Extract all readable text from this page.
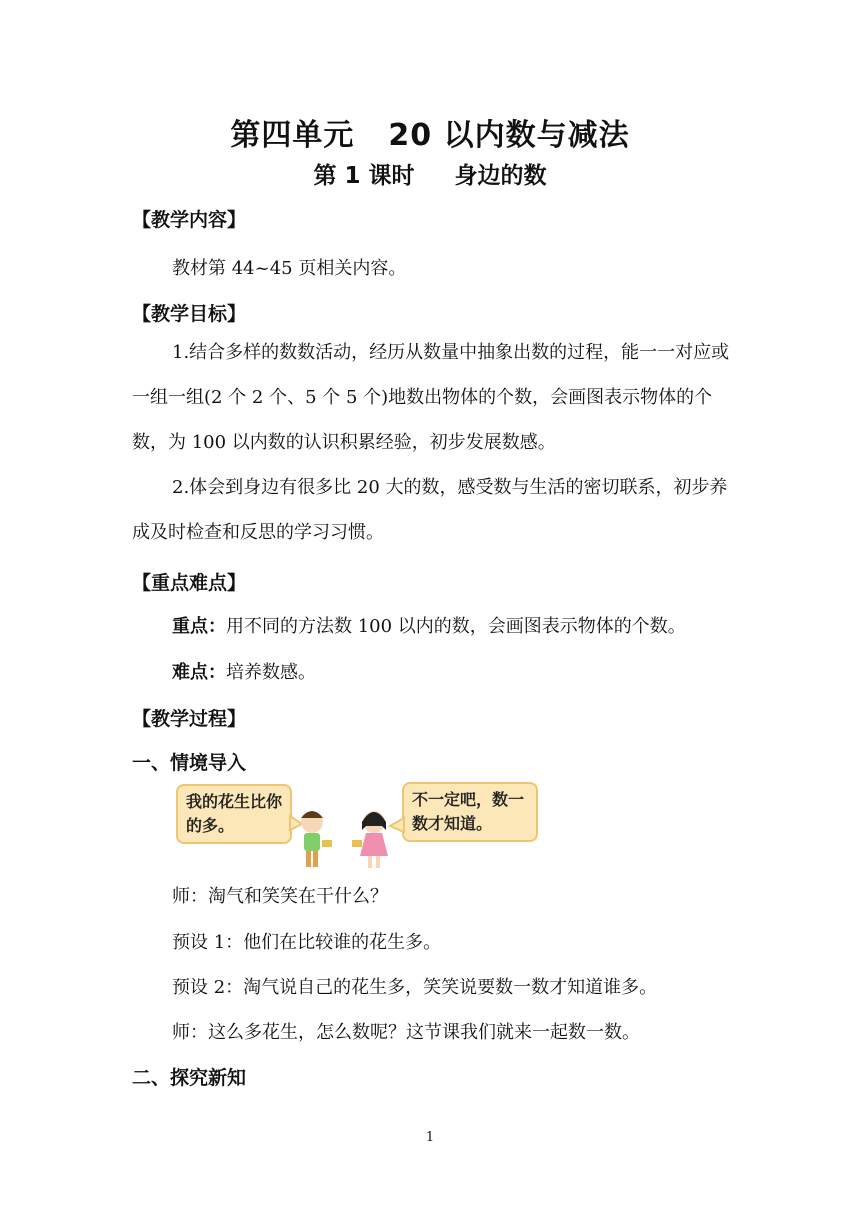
第四单元 20 以内数与减法
第 1 课时 身边的数
【教学内容】
教材第 44~45 页相关内容。
【教学目标】
1.结合多样的数数活动，经历从数量中抽象出数的过程，能一一对应或一组一组(2 个 2 个、5 个 5 个)地数出物体的个数，会画图表示物体的个数，为 100 以内数的认识积累经验，初步发展数感。
2.体会到身边有很多比 20 大的数，感受数与生活的密切联系，初步养成及时检查和反思的学习习惯。
【重点难点】
重点：用不同的方法数 100 以内的数，会画图表示物体的个数。
难点：培养数感。
【教学过程】
一、情境导入
我的花生比你的多。
不一定吧，数一数才知道。
师：淘气和笑笑在干什么？
预设 1：他们在比较谁的花生多。
预设 2：淘气说自己的花生多，笑笑说要数一数才知道谁多。
师：这么多花生，怎么数呢？这节课我们就来一起数一数。
二、探究新知
1
